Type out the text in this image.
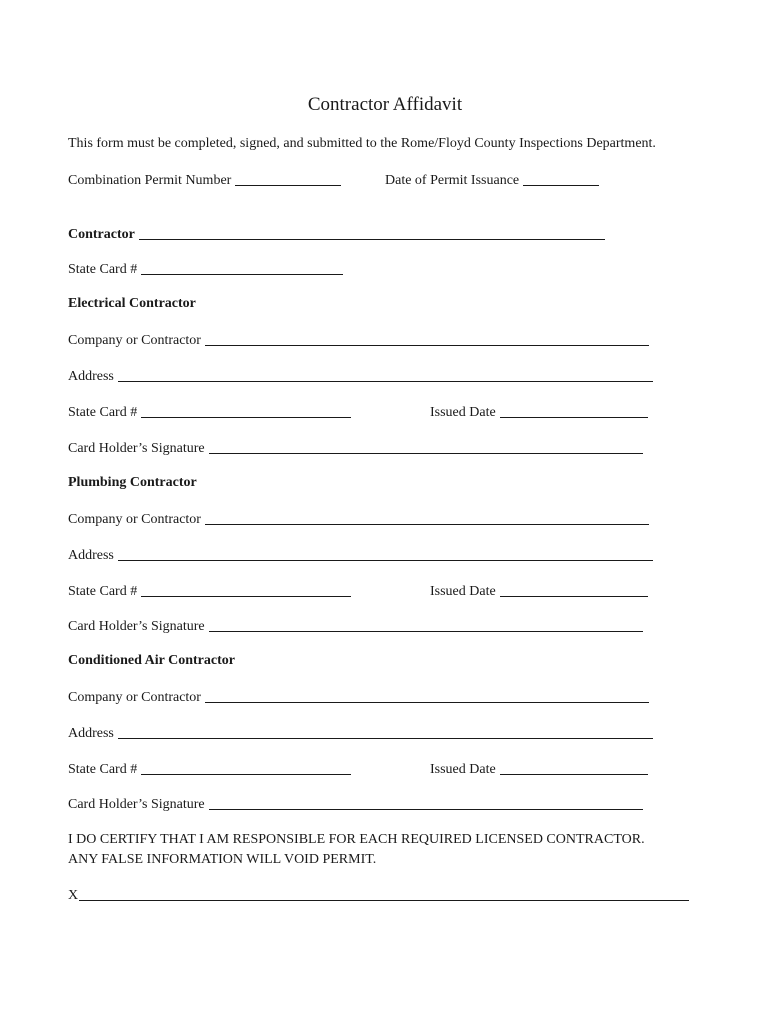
Contractor Affidavit
This form must be completed, signed, and submitted to the Rome/Floyd County Inspections Department.
Combination Permit Number	Date of Permit Issuance
Contractor
State Card #
Electrical Contractor
Company or Contractor
Address
State Card #	Issued Date
Card Holder’s Signature
Plumbing Contractor
Company or Contractor
Address
State Card #	Issued Date
Card Holder’s Signature
Conditioned Air Contractor
Company or Contractor
Address
State Card #	Issued Date
Card Holder’s Signature
I DO CERTIFY THAT I AM RESPONSIBLE FOR EACH REQUIRED LICENSED CONTRACTOR.
ANY FALSE INFORMATION WILL VOID PERMIT.
X
